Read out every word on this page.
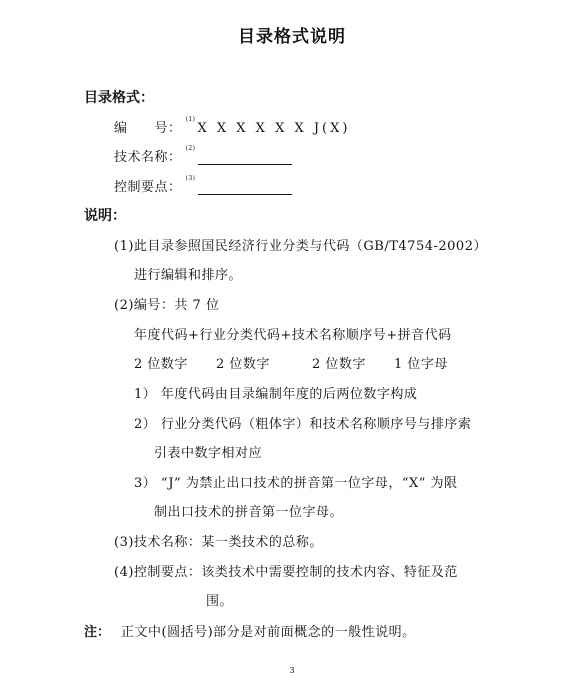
目录格式说明
目录格式：
编　　号：$^{(1)}$X X X X X X J(X)
技术名称：$^{(2)}$
控制要点：$^{(3)}$
说明：
(1)此目录参照国民经济行业分类与代码（GB/T4754-2002）
进行编辑和排序。
(2)编号：共 7 位
年度代码+行业分类代码+技术名称顺序号+拼音代码
2 位数字 2 位数字	2 位数字 1 位字母
1） 年度代码由目录编制年度的后两位数字构成
2） 行业分类代码（粗体字）和技术名称顺序号与排序索
引表中数字相对应
3） “J” 为禁止出口技术的拼音第一位字母，“X” 为限
制出口技术的拼音第一位字母。
(3)技术名称：某一类技术的总称。
(4)控制要点：该类技术中需要控制的技术内容、特征及范
围。
注： 正文中(圆括号)部分是对前面概念的一般性说明。
3
